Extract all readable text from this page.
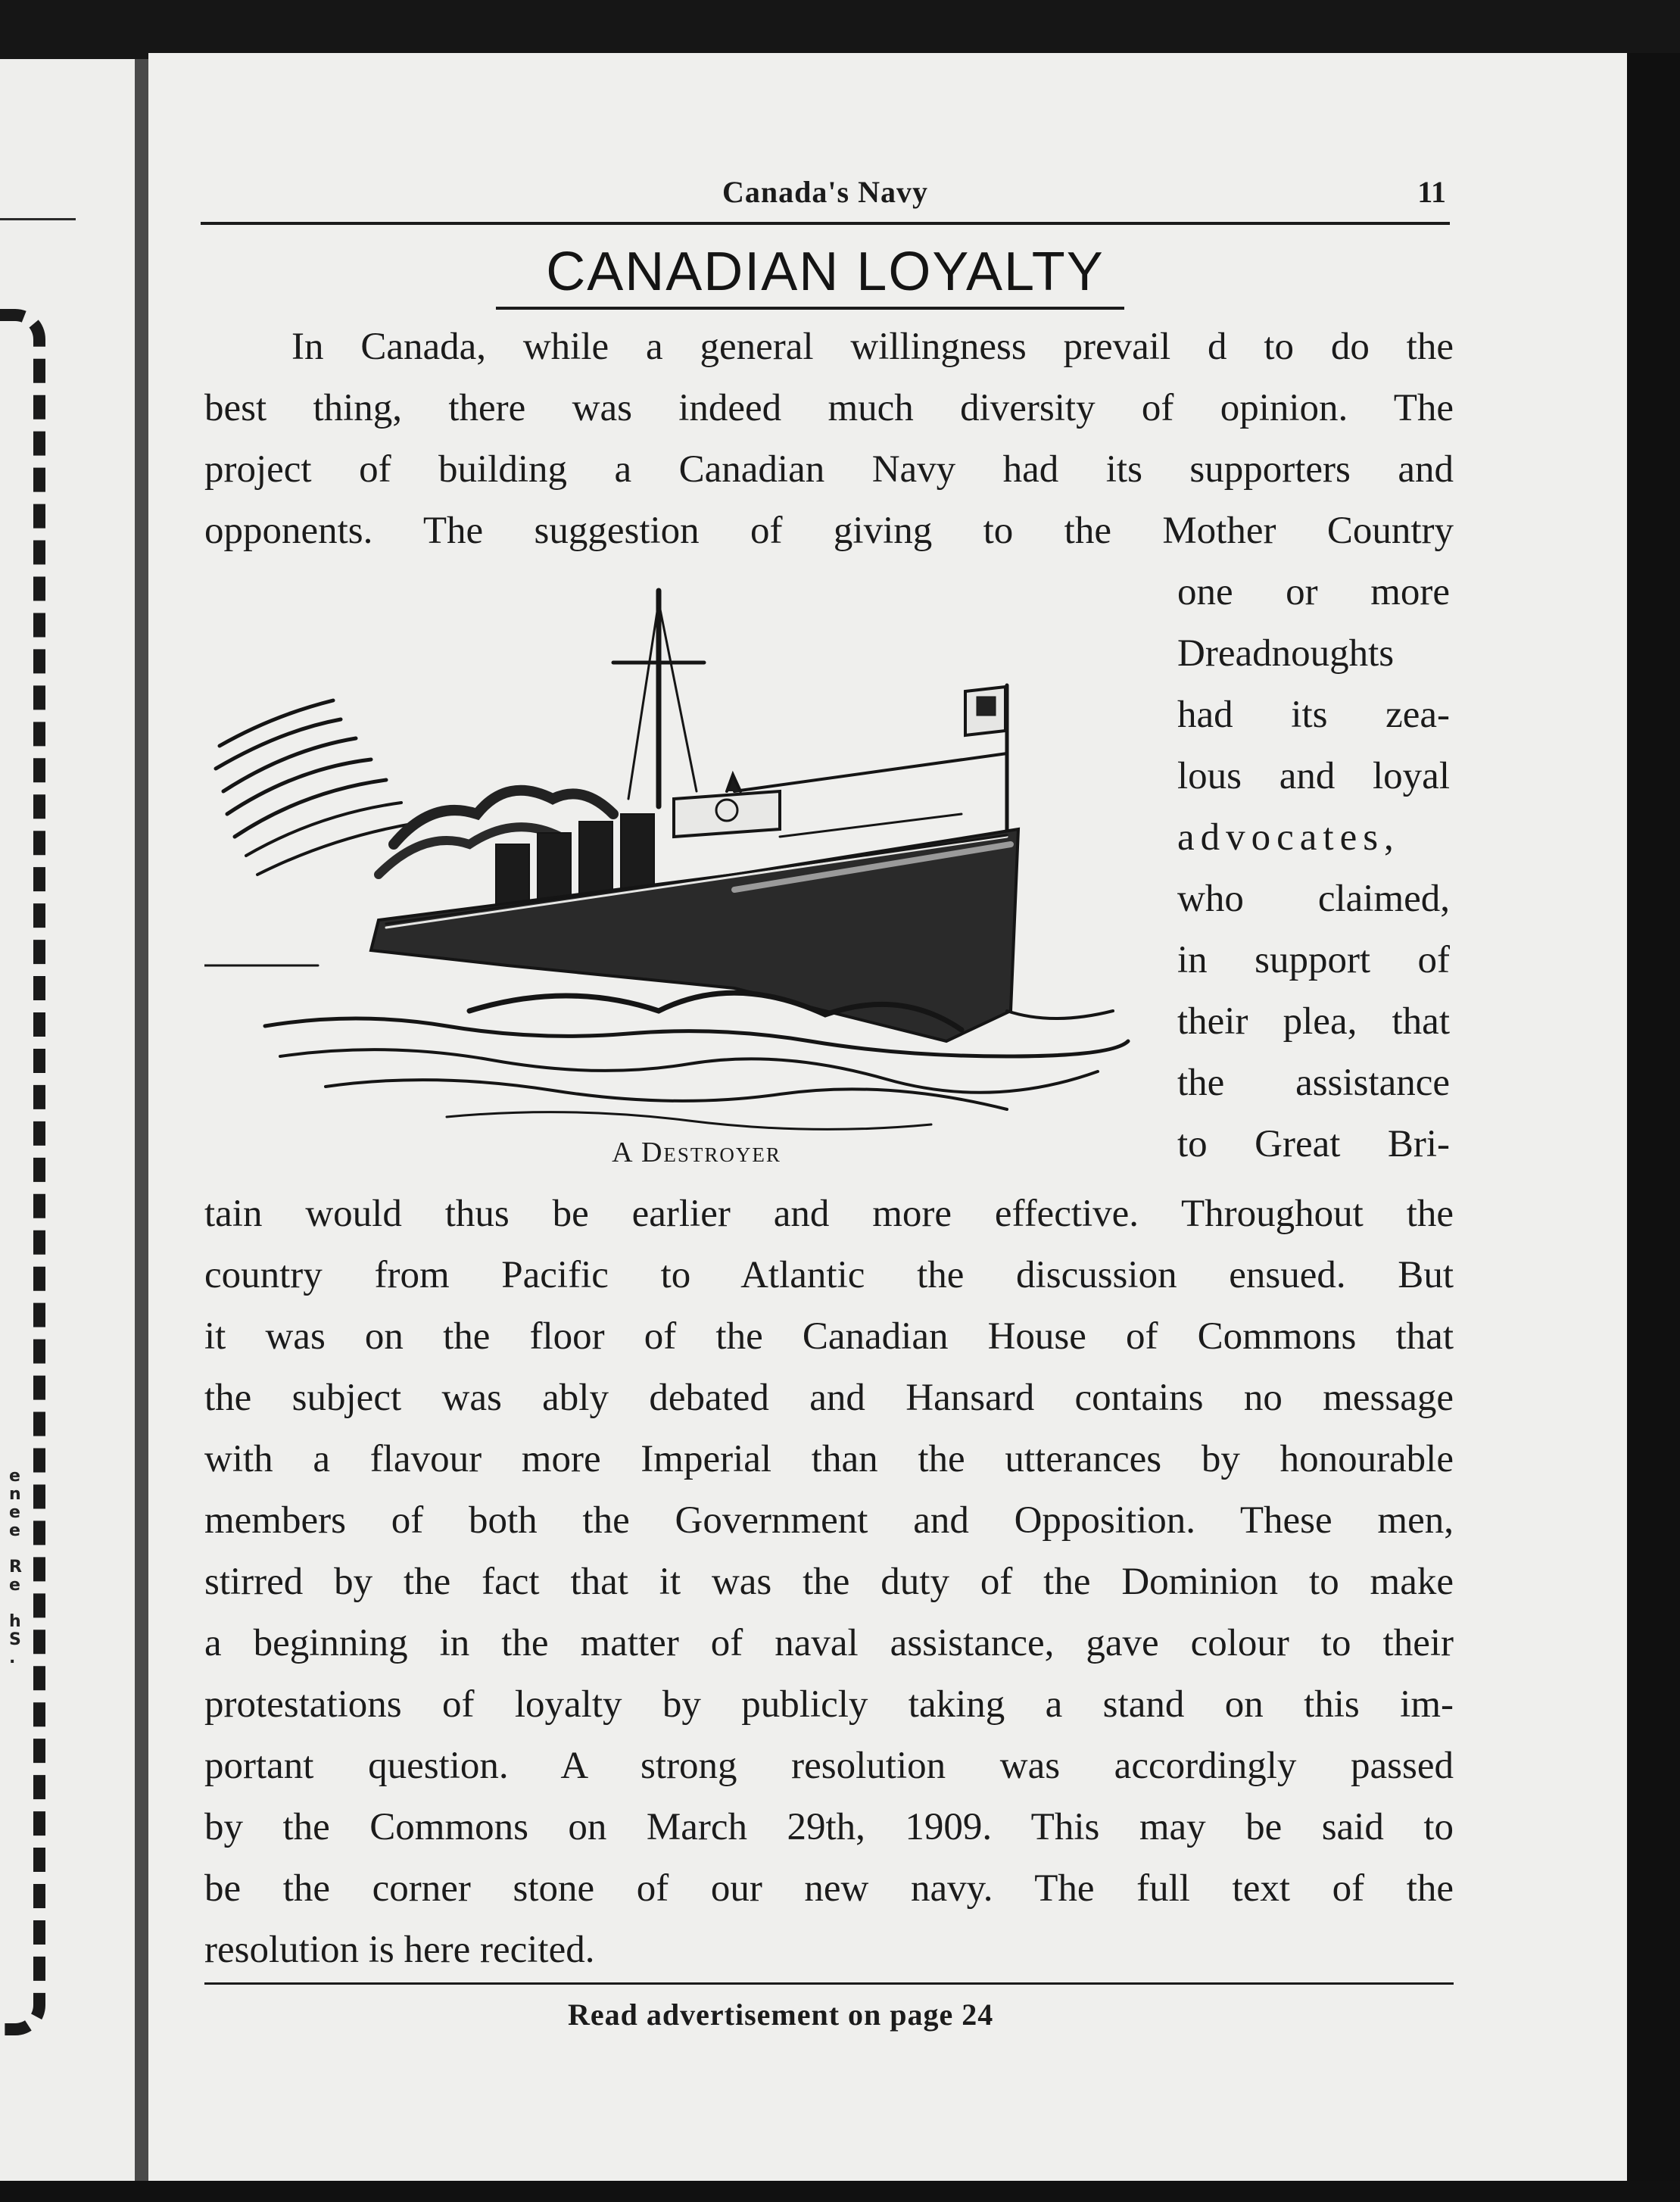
e
n
e
e

R
e

h
S
.
Canada's Navy	11
CANADIAN LOYALTY
In Canada, while a general willingness prevail d to do the
best thing, there was indeed much diversity of opinion. The
project of building a Canadian Navy had its supporters and
opponents. The suggestion of giving to the Mother Country
one or more
Dreadnoughts
had its zea-
lous and loyal
advocates,
who claimed,
in support of
their plea, that
the assistance
to Great Bri-
A Destroyer
tain would thus be earlier and more effective. Throughout the
country from Pacific to Atlantic the discussion ensued. But
it was on the floor of the Canadian House of Commons that
the subject was ably debated and Hansard contains no message
with a flavour more Imperial than the utterances by honourable
members of both the Government and Opposition. These men,
stirred by the fact that it was the duty of the Dominion to make
a beginning in the matter of naval assistance, gave colour to their
protestations of loyalty by publicly taking a stand on this im-
portant question. A strong resolution was accordingly passed
by the Commons on March 29th, 1909. This may be said to
be the corner stone of our new navy. The full text of the
resolution is here recited.
Read advertisement on page 24
